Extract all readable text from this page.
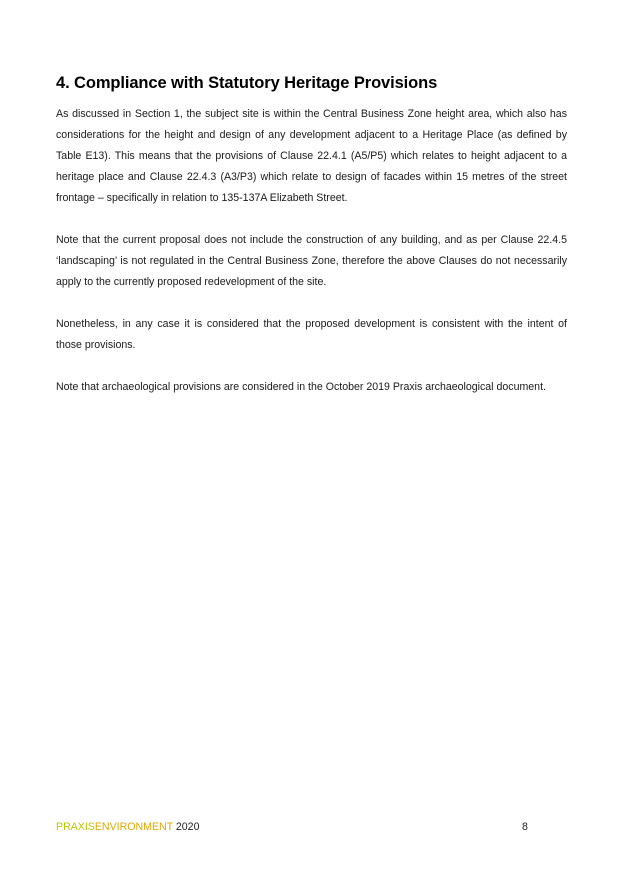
4. Compliance with Statutory Heritage Provisions

As discussed in Section 1, the subject site is within the Central Business Zone height area, which also has considerations for the height and design of any development adjacent to a Heritage Place (as defined by Table E13). This means that the provisions of Clause 22.4.1 (A5/P5) which relates to height adjacent to a heritage place and Clause 22.4.3 (A3/P3) which relate to design of facades within 15 metres of the street frontage – specifically in relation to 135-137A Elizabeth Street.

Note that the current proposal does not include the construction of any building, and as per Clause 22.4.5 ‘landscaping’ is not regulated in the Central Business Zone, therefore the above Clauses do not necessarily apply to the currently proposed redevelopment of the site.

Nonetheless, in any case it is considered that the proposed development is consistent with the intent of those provisions.

Note that archaeological provisions are considered in the October 2019 Praxis archaeological document.

PRAXISENVIRONMENT 2020	8
